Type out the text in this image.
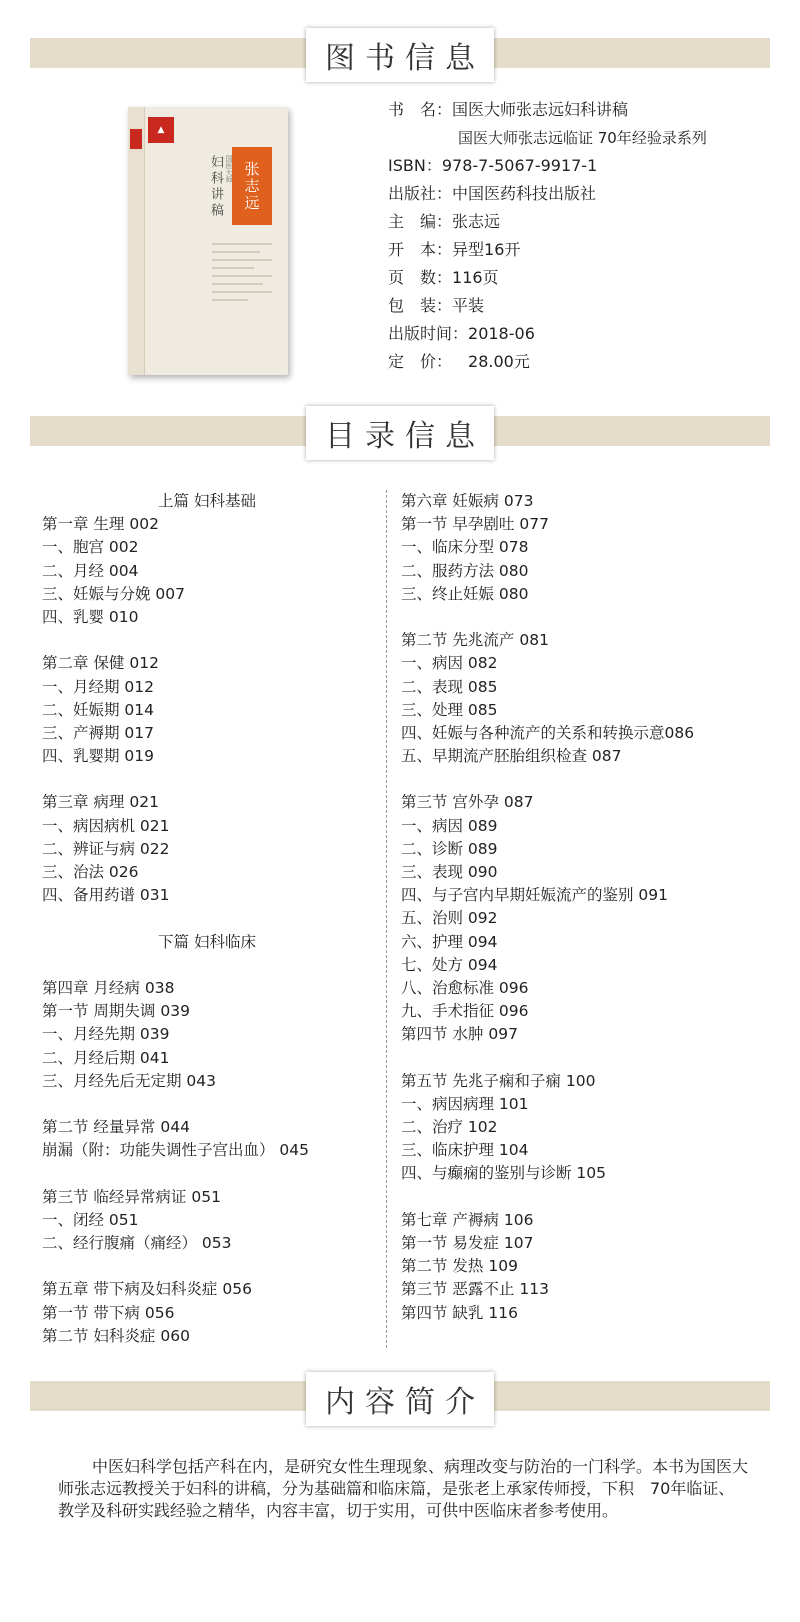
图书信息
▲
张志远
国医大师
妇科讲稿
书　名：国医大师张志远妇科讲稿
国医大师张志远临证 70年经验录系列
ISBN：978-7-5067-9917-1
出版社：中国医药科技出版社
主　编：张志远
开　本：异型16开
页　数：116页
包　装：平装
出版时间：2018-06
定　价：　28.00元
目录信息
上篇 妇科基础
第一章 生理 002
一、胞宫 002
二、月经 004
三、妊娠与分娩 007
四、乳婴 010
第二章 保健 012
一、月经期 012
二、妊娠期 014
三、产褥期 017
四、乳婴期 019
第三章 病理 021
一、病因病机 021
二、辨证与病 022
三、治法 026
四、备用药谱 031
下篇 妇科临床
第四章 月经病 038
第一节 周期失调 039
一、月经先期 039
二、月经后期 041
三、月经先后无定期 043
第二节 经量异常 044
崩漏（附：功能失调性子宫出血） 045
第三节 临经异常病证 051
一、闭经 051
二、经行腹痛（痛经） 053
第五章 带下病及妇科炎症 056
第一节 带下病 056
第二节 妇科炎症 060
第六章 妊娠病 073
第一节 早孕剧吐 077
一、临床分型 078
二、服药方法 080
三、终止妊娠 080
第二节 先兆流产 081
一、病因 082
二、表现 085
三、处理 085
四、妊娠与各种流产的关系和转换示意086
五、早期流产胚胎组织检查 087
第三节 宫外孕 087
一、病因 089
二、诊断 089
三、表现 090
四、与子宫内早期妊娠流产的鉴别 091
五、治则 092
六、护理 094
七、处方 094
八、治愈标准 096
九、手术指征 096
第四节 水肿 097
第五节 先兆子痫和子痫 100
一、病因病理 101
二、治疗 102
三、临床护理 104
四、与癫痫的鉴别与诊断 105
第七章 产褥病 106
第一节 易发症 107
第二节 发热 109
第三节 恶露不止 113
第四节 缺乳 116
内容简介
中医妇科学包括产科在内，是研究女性生理现象、病理改变与防治的一门科学。本书为国医大师张志远教授关于妇科的讲稿，分为基础篇和临床篇，是张老上承家传师授，下积　70年临证、教学及科研实践经验之精华，内容丰富，切于实用，可供中医临床者参考使用。
